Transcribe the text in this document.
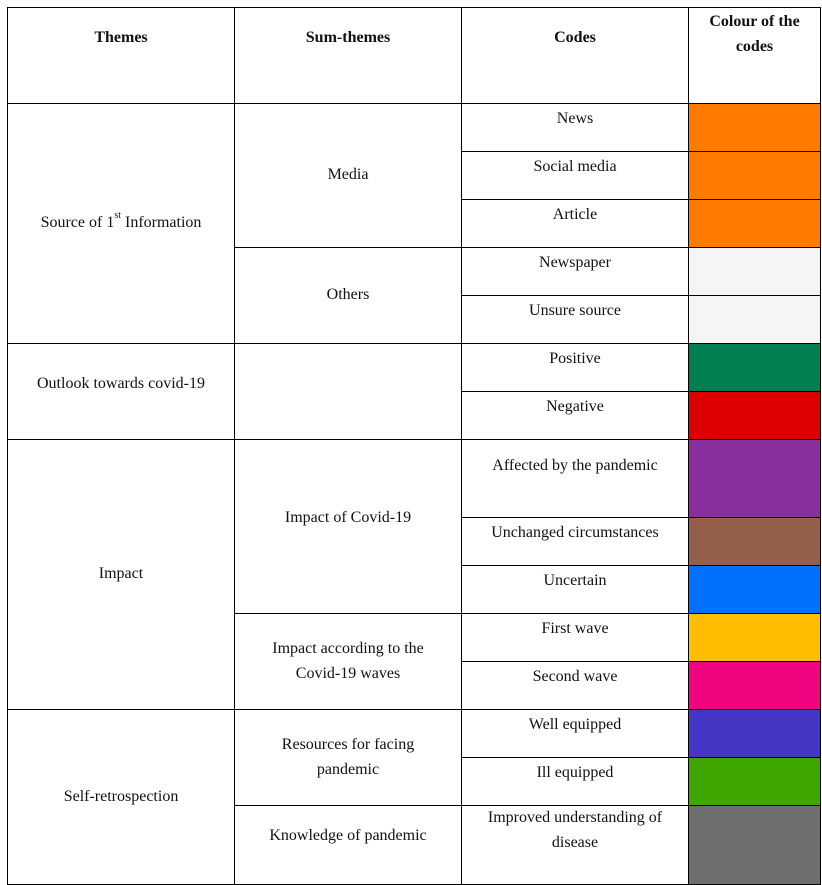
Themes	Sum-themes	Codes	Colour of the codes
Source of 1st Information	Media	News	

		Social media	

		Article	

	Others	Newspaper	

		Unsure source	

Outlook towards covid-19		Positive	

		Negative	

Impact	Impact of Covid-19	Affected by the pandemic	

		Unchanged circumstances	

		Uncertain	

	Impact according to the Covid-19 waves	First wave	

		Second wave	

Self-retrospection	Resources for facing pandemic	Well equipped	

		Ill equipped	

	Knowledge of pandemic	Improved understanding of disease	
